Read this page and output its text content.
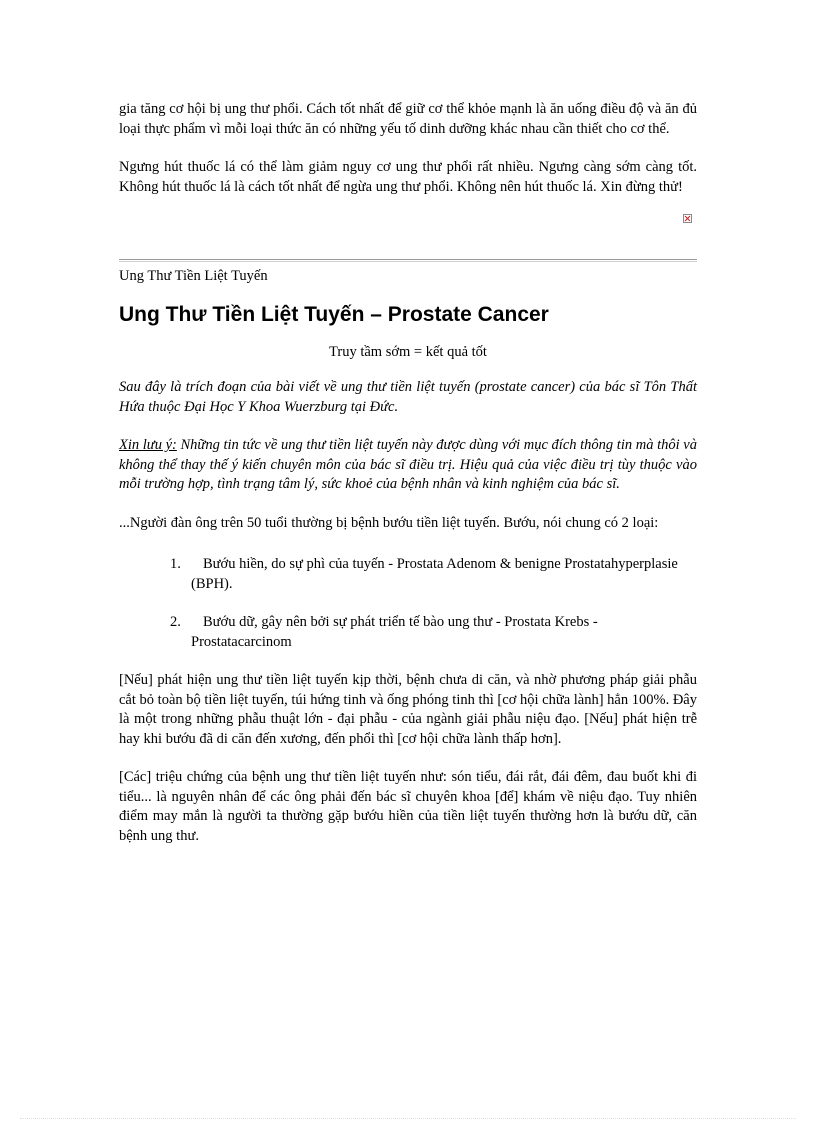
gia tăng cơ hội bị ung thư phổi. Cách tốt nhất để giữ cơ thể khỏe mạnh là ăn uống điều độ và ăn đủ loại thực phẩm vì mỗi loại thức ăn có những yếu tố dinh dưỡng khác nhau cần thiết cho cơ thể.

Ngưng hút thuốc lá có thể làm giảm nguy cơ ung thư phổi rất nhiều. Ngưng càng sớm càng tốt. Không hút thuốc lá là cách tốt nhất để ngừa ung thư phổi. Không nên hút thuốc lá. Xin đừng thử!

Ung Thư Tiền Liệt Tuyến
Ung Thư Tiền Liệt Tuyến – Prostate Cancer
Truy tầm sớm = kết quả tốt

Sau đây là trích đoạn của bài viết về ung thư tiền liệt tuyến (prostate cancer) của bác sĩ Tôn Thất Hứa thuộc Đại Học Y Khoa Wuerzburg tại Đức.

Xin lưu ý: Những tin tức về ung thư tiền liệt tuyến này được dùng với mục đích thông tin mà thôi và không thể thay thế ý kiến chuyên môn của bác sĩ điều trị. Hiệu quả của việc điều trị tùy thuộc vào mỗi trường hợp, tình trạng tâm lý, sức khoẻ của bệnh nhân và kinh nghiệm của bác sĩ.

...Người đàn ông trên 50 tuổi thường bị bệnh bướu tiền liệt tuyến. Bướu, nói chung có 2 loại:

1. Bướu hiền, do sự phì của tuyến - Prostata Adenom & benigne Prostatahyperplasie (BPH).
2. Bướu dữ, gây nên bởi sự phát triển tế bào ung thư - Prostata Krebs - Prostatacarcinom

[Nếu] phát hiện ung thư tiền liệt tuyến kịp thời, bệnh chưa di căn, và nhờ phương pháp giải phẫu cắt bỏ toàn bộ tiền liệt tuyến, túi hứng tinh và ống phóng tinh thì [cơ hội chữa lành] hẳn 100%. Đây là một trong những phẫu thuật lớn - đại phẫu - của ngành giải phẫu niệu đạo. [Nếu] phát hiện trễ hay khi bướu đã di căn đến xương, đến phổi thì [cơ hội chữa lành thấp hơn].

[Các] triệu chứng của bệnh ung thư tiền liệt tuyến như: són tiểu, đái rắt, đái đêm, đau buốt khi đi tiểu... là nguyên nhân để các ông phải đến bác sĩ chuyên khoa [để] khám về niệu đạo. Tuy nhiên điểm may mắn là người ta thường gặp bướu hiền của tiền liệt tuyến thường hơn là bướu dữ, căn bệnh ung thư.
